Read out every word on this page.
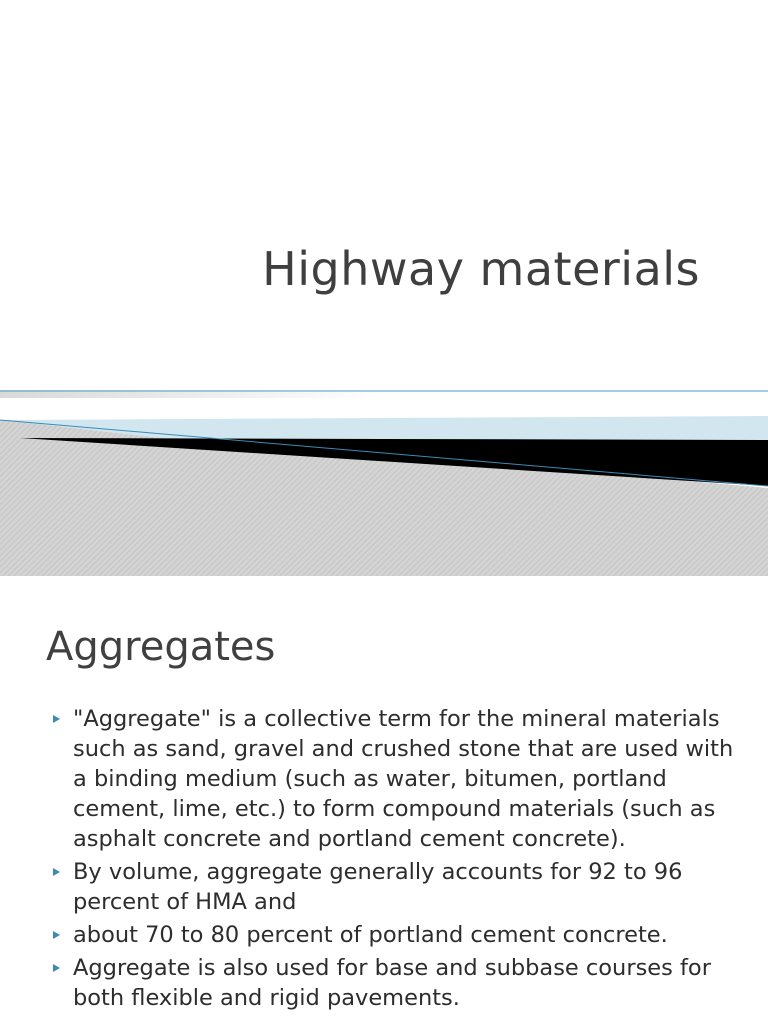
Highway materials
Aggregates
"Aggregate" is a collective term for the mineral materials such as sand, gravel and crushed stone that are used with a binding medium (such as water, bitumen, portland cement, lime, etc.) to form compound materials (such as asphalt concrete and portland cement concrete).
By volume, aggregate generally accounts for 92 to 96 percent of HMA and
about 70 to 80 percent of portland cement concrete.
Aggregate is also used for base and subbase courses for both flexible and rigid pavements.
